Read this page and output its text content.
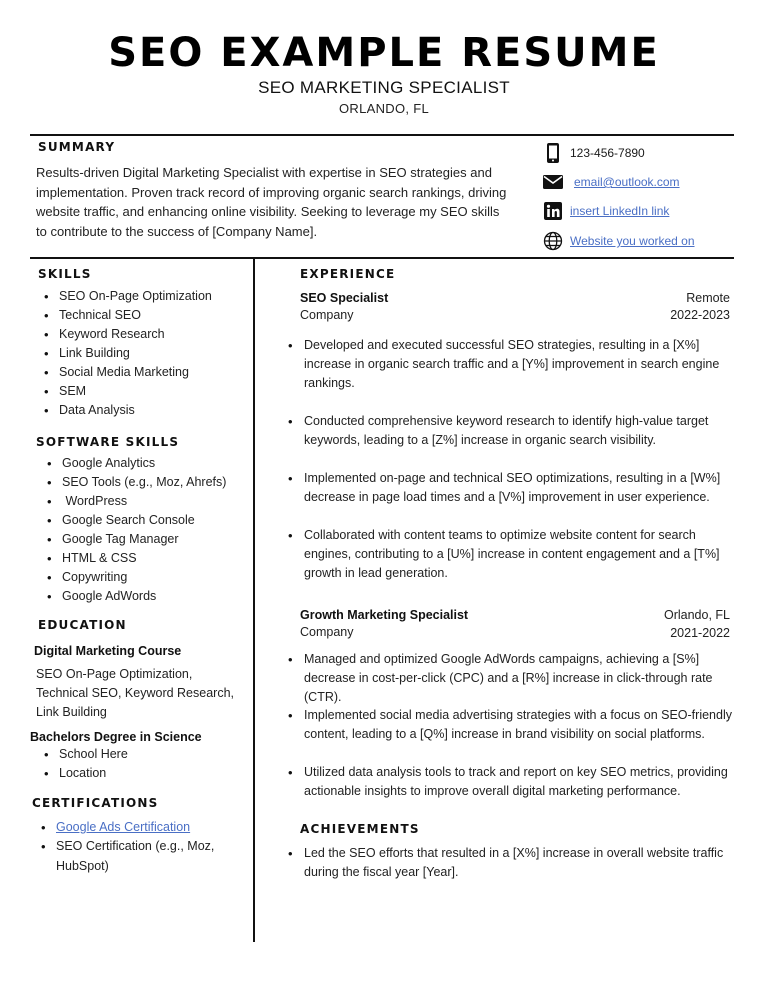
SEO EXAMPLE RESUME
SEO MARKETING SPECIALIST
ORLANDO, FL
SUMMARY
Results-driven Digital Marketing Specialist with expertise in SEO strategies and
implementation. Proven track record of improving organic search rankings, driving
website traffic, and enhancing online visibility. Seeking to leverage my SEO skills
to contribute to the success of [Company Name].
123-456-7890
email@outlook.com
insert LinkedIn link
Website you worked on
SKILLS
• SEO On-Page Optimization
• Technical SEO
• Keyword Research
• Link Building
• Social Media Marketing
• SEM
• Data Analysis
SOFTWARE SKILLS
• Google Analytics
• SEO Tools (e.g., Moz, Ahrefs)
•  WordPress
• Google Search Console
• Google Tag Manager
• HTML & CSS
• Copywriting
• Google AdWords
EDUCATION
Digital Marketing Course
SEO On-Page Optimization,
Technical SEO, Keyword Research,
Link Building
Bachelors Degree in Science
• School Here
• Location
CERTIFICATIONS
• Google Ads Certification
• SEO Certification (e.g., Moz,
HubSpot)
EXPERIENCE
SEO Specialist	Remote
Company	2022-2023
• Developed and executed successful SEO strategies, resulting in a [X%]
increase in organic search traffic and a [Y%] improvement in search engine
rankings.
• Conducted comprehensive keyword research to identify high-value target
keywords, leading to a [Z%] increase in organic search visibility.
• Implemented on-page and technical SEO optimizations, resulting in a [W%]
decrease in page load times and a [V%] improvement in user experience.
• Collaborated with content teams to optimize website content for search
engines, contributing to a [U%] increase in content engagement and a [T%]
growth in lead generation.
Growth Marketing Specialist	Orlando, FL
Company	2021-2022
• Managed and optimized Google AdWords campaigns, achieving a [S%]
decrease in cost-per-click (CPC) and a [R%] increase in click-through rate (CTR).
• Implemented social media advertising strategies with a focus on SEO-friendly
content, leading to a [Q%] increase in brand visibility on social platforms.
• Utilized data analysis tools to track and report on key SEO metrics, providing
actionable insights to improve overall digital marketing performance.
ACHIEVEMENTS
• Led the SEO efforts that resulted in a [X%] increase in overall website traffic
during the fiscal year [Year].
